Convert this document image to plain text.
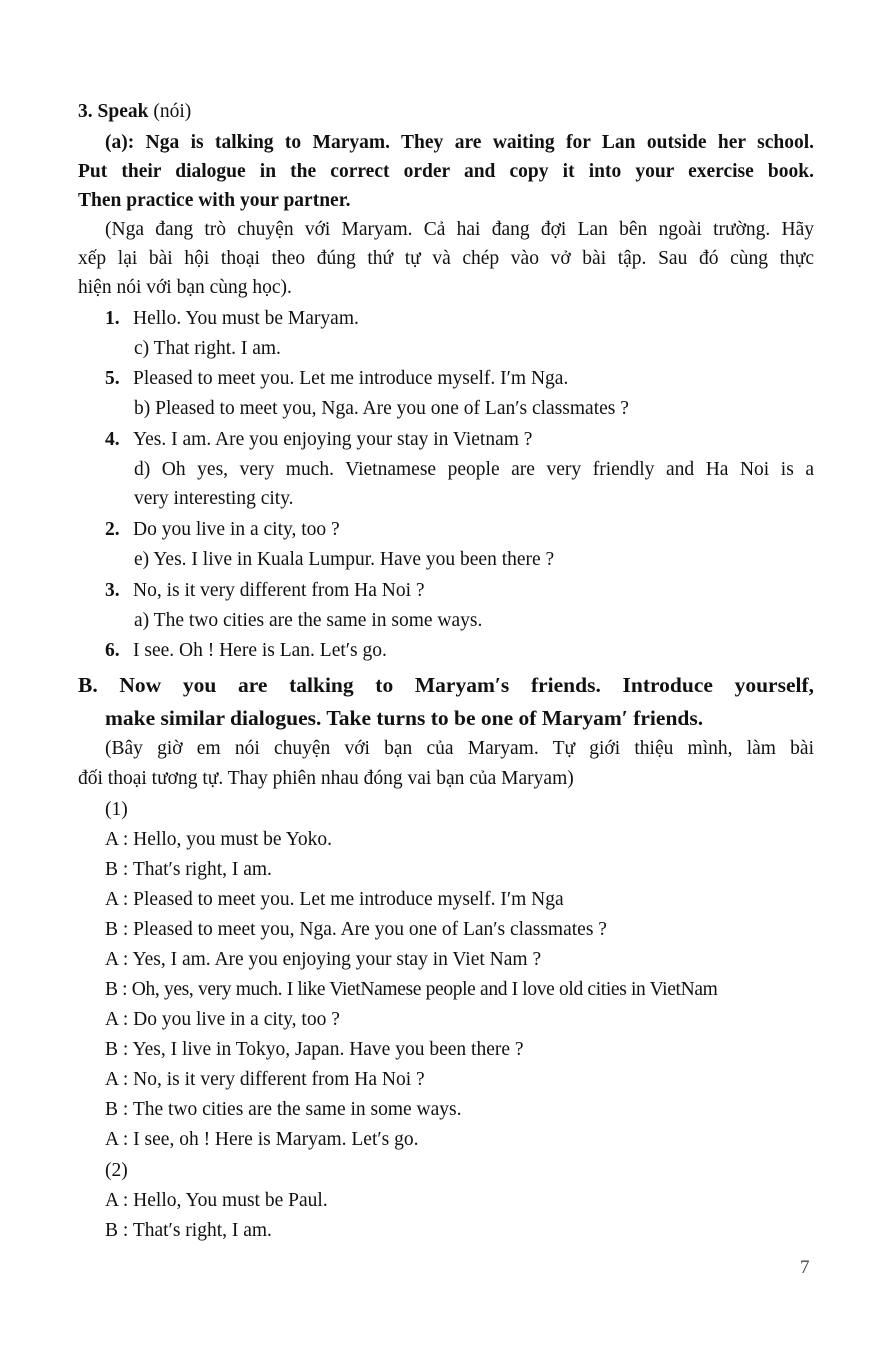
3. Speak (nói)
(a): Nga is talking to Maryam. They are waiting for Lan outside her school.
Put their dialogue in the correct order and copy it into your exercise book.
Then practice with your partner.
(Nga đang trò chuyện với Maryam. Cả hai đang đợi Lan bên ngoài trường. Hãy
xếp lại bài hội thoại theo đúng thứ tự và chép vào vở bài tập. Sau đó cùng thực
hiện nói với bạn cùng học).
1. Hello. You must be Maryam.
c) That right. I am.
5. Pleased to meet you. Let me introduce myself. I′m Nga.
b) Pleased to meet you, Nga. Are you one of Lan′s classmates ?
4. Yes. I am. Are you enjoying your stay in Vietnam ?
d) Oh yes, very much. Vietnamese people are very friendly and Ha Noi is a
very interesting city.
2. Do you live in a city, too ?
e) Yes. I live in Kuala Lumpur. Have you been there ?
3. No, is it very different from Ha Noi ?
a) The two cities are the same in some ways.
6. I see. Oh ! Here is Lan. Let′s go.
B. Now you are talking to Maryam′s friends. Introduce yourself,
make similar dialogues. Take turns to be one of Maryam′ friends.
(Bây giờ em nói chuyện với bạn của Maryam. Tự giới thiệu mình, làm bài
đối thoại tương tự. Thay phiên nhau đóng vai bạn của Maryam)
(1)
A : Hello, you must be Yoko.
B : That′s right, I am.
A : Pleased to meet you. Let me introduce myself. I′m Nga
B : Pleased to meet you, Nga. Are you one of Lan′s classmates ?
A : Yes, I am. Are you enjoying your stay in Viet Nam ?
B : Oh, yes, very much. I like VietNamese people and I love old cities in VietNam
A : Do you live in a city, too ?
B : Yes, I live in Tokyo, Japan. Have you been there ?
A : No, is it very different from Ha Noi ?
B : The two cities are the same in some ways.
A : I see, oh ! Here is Maryam. Let′s go.
(2)
A : Hello, You must be Paul.
B : That′s right, I am.
7
